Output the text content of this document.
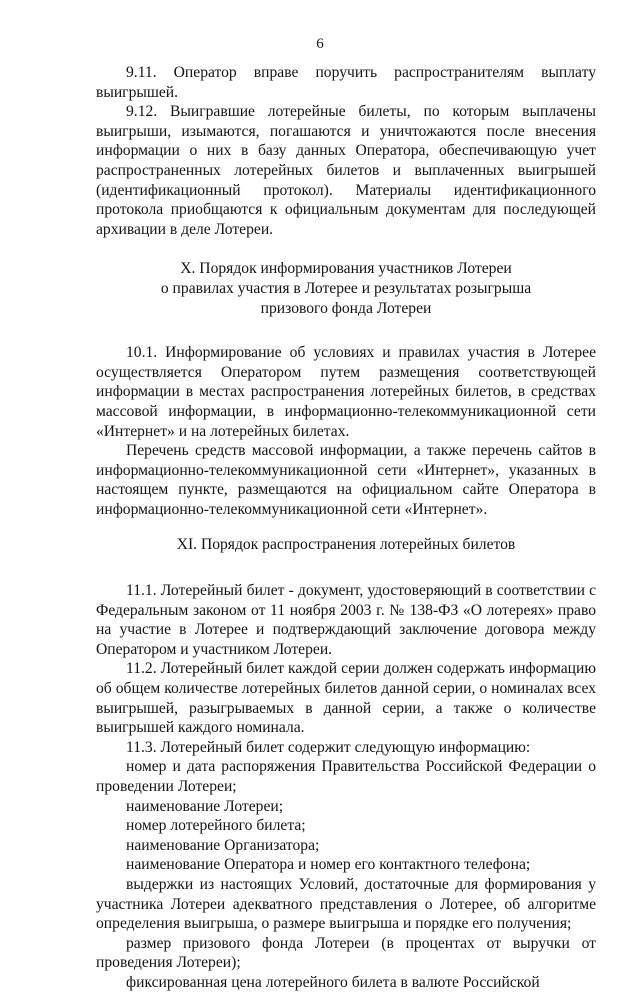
6

9.11. Оператор вправе поручить распространителям выплату выигрышей.

9.12. Выигравшие лотерейные билеты, по которым выплачены выигрыши, изымаются, погашаются и уничтожаются после внесения информации о них в базу данных Оператора, обеспечивающую учет распространенных лотерейных билетов и выплаченных выигрышей (идентификационный протокол). Материалы идентификационного протокола приобщаются к официальным документам для последующей архивации в деле Лотереи.

X. Порядок информирования участников Лотереи
о правилах участия в Лотерее и результатах розыгрыша
призового фонда Лотереи

10.1. Информирование об условиях и правилах участия в Лотерее осуществляется Оператором путем размещения соответствующей информации в местах распространения лотерейных билетов, в средствах массовой информации, в информационно-телекоммуникационной сети «Интернет» и на лотерейных билетах.

Перечень средств массовой информации, а также перечень сайтов в информационно-телекоммуникационной сети «Интернет», указанных в настоящем пункте, размещаются на официальном сайте Оператора в информационно-телекоммуникационной сети «Интернет».

XI. Порядок распространения лотерейных билетов

11.1. Лотерейный билет - документ, удостоверяющий в соответствии с Федеральным законом от 11 ноября 2003 г. № 138-ФЗ «О лотереях» право на участие в Лотерее и подтверждающий заключение договора между Оператором и участником Лотереи.

11.2. Лотерейный билет каждой серии должен содержать информацию об общем количестве лотерейных билетов данной серии, о номиналах всех выигрышей, разыгрываемых в данной серии, а также о количестве выигрышей каждого номинала.

11.3. Лотерейный билет содержит следующую информацию:

номер и дата распоряжения Правительства Российской Федерации о проведении Лотереи;

наименование Лотереи;

номер лотерейного билета;

наименование Организатора;

наименование Оператора и номер его контактного телефона;

выдержки из настоящих Условий, достаточные для формирования у участника Лотереи адекватного представления о Лотерее, об алгоритме определения выигрыша, о размере выигрыша и порядке его получения;

размер призового фонда Лотереи (в процентах от выручки от проведения Лотереи);

фиксированная цена лотерейного билета в валюте Российской
